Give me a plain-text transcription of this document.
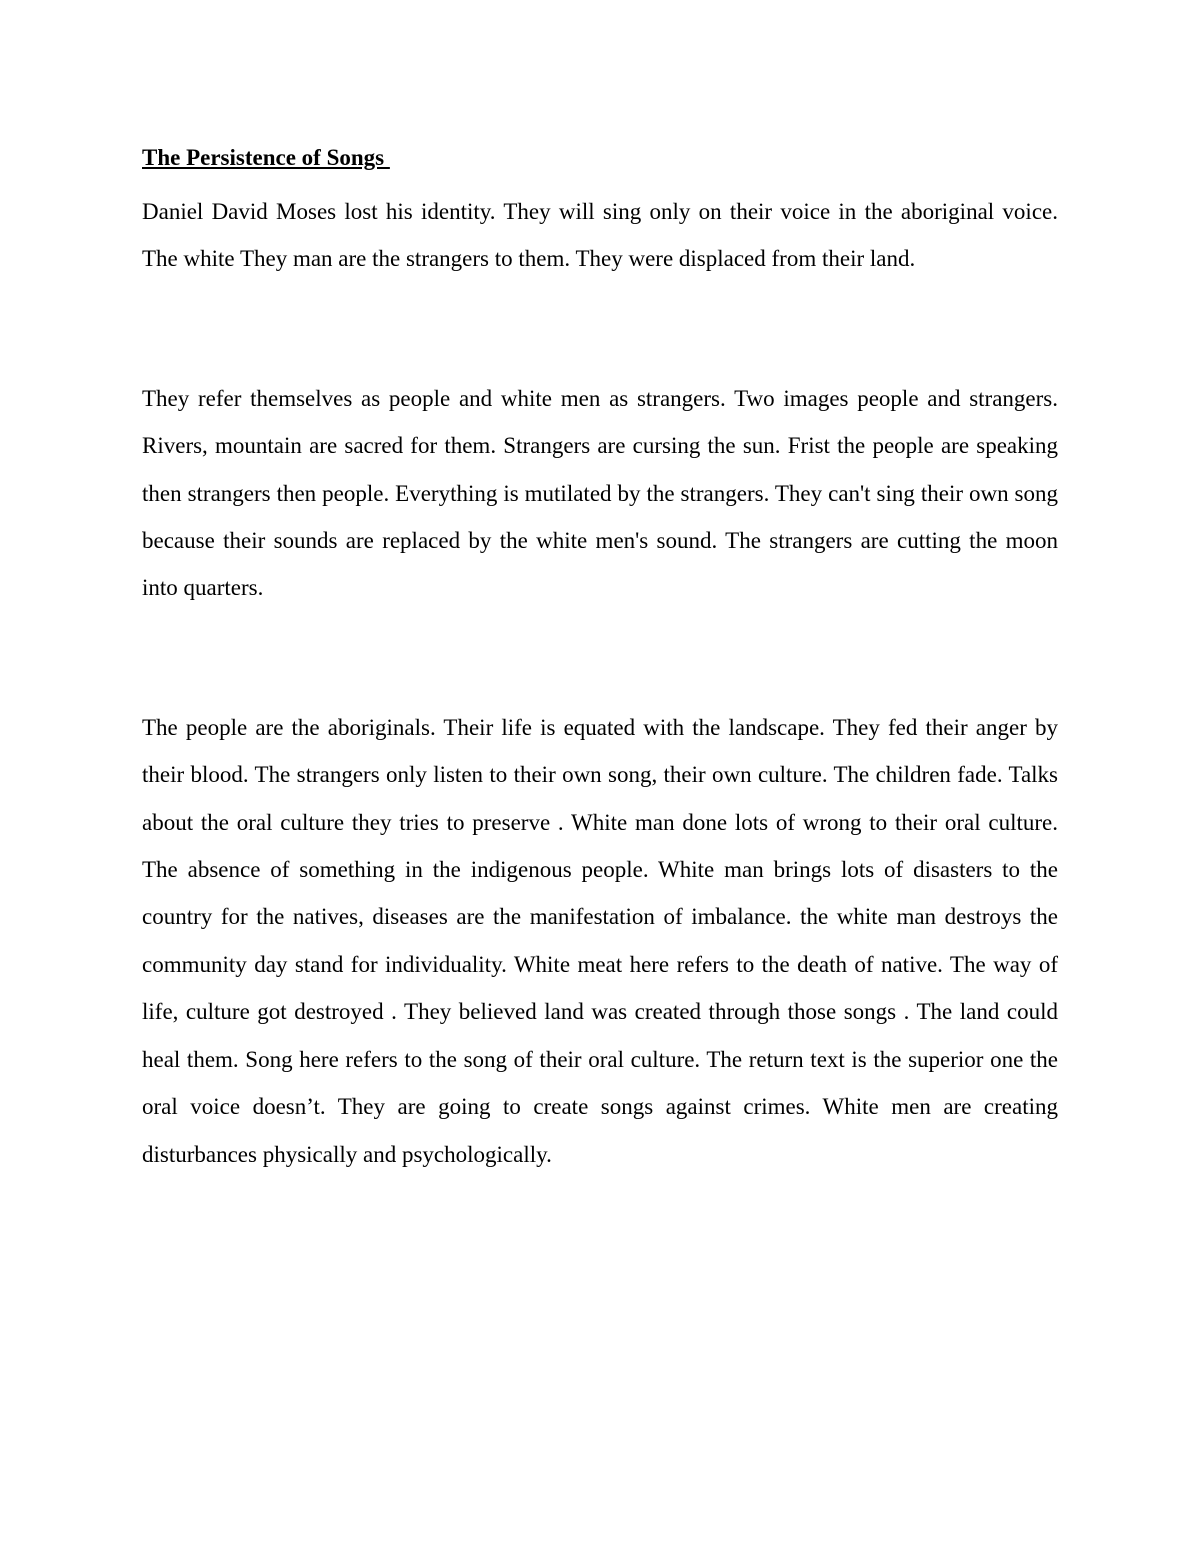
The Persistence of Songs

Daniel David Moses lost his identity. They will sing only on their voice in the aboriginal voice. The white They man are the strangers to them. They were displaced from their land.

They refer themselves as people and white men as strangers. Two images people and strangers. Rivers, mountain are sacred for them. Strangers are cursing the sun. Frist the people are speaking then strangers then people. Everything is mutilated by the strangers. They can't sing their own song because their sounds are replaced by the white men's sound. The strangers are cutting the moon into quarters.

The people are the aboriginals. Their life is equated with the landscape. They fed their anger by their blood. The strangers only listen to their own song, their own culture. The children fade. Talks about the oral culture they tries to preserve . White man done lots of wrong to their oral culture. The absence of something in the indigenous people. White man brings lots of disasters to the country for the natives, diseases are the manifestation of imbalance. the white man destroys the community day stand for individuality. White meat here refers to the death of native. The way of life, culture got destroyed . They believed land was created through those songs . The land could heal them. Song here refers to the song of their oral culture. The return text is the superior one the oral voice doesn’t. They are going to create songs against crimes. White men are creating disturbances physically and psychologically.
